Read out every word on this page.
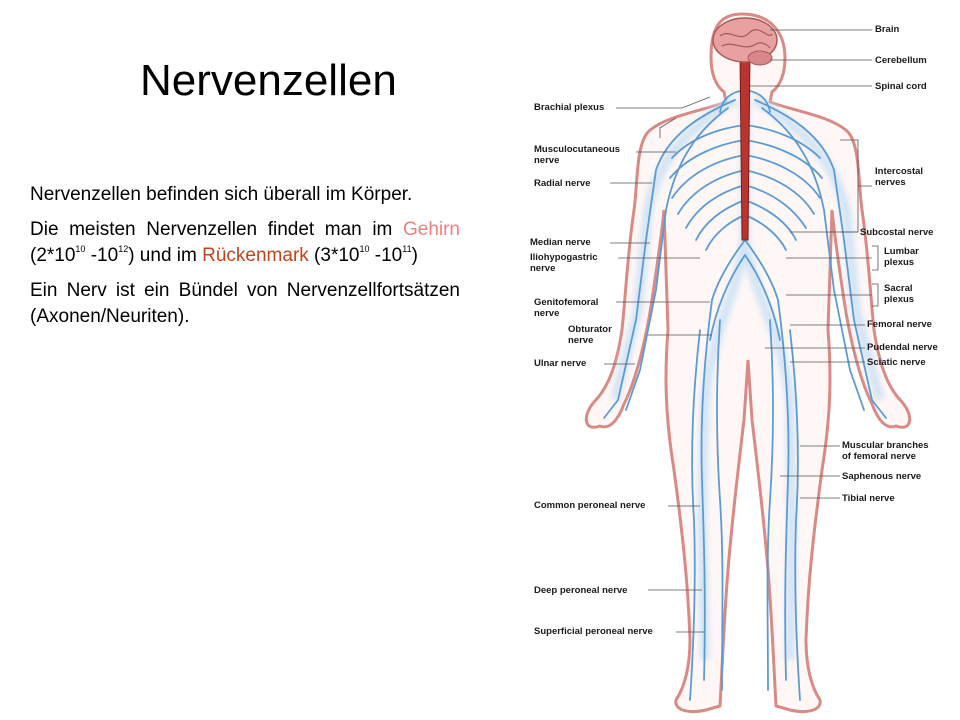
Nervenzellen

Nervenzellen befinden sich überall im Körper.

Die meisten Nervenzellen findet man im Gehirn ($2*10^{10}$ $-10^{12}$) und im Rückenmark ($3*10^{10}$ $-10^{11}$)

Ein Nerv ist ein Bündel von Nervenzellfortsätzen (Axonen/Neuriten).

Brain
Cerebellum
Spinal cord
Intercostal
nerves
Subcostal nerve
Lumbar
plexus
Sacral
plexus
Femoral nerve
Pudendal nerve
Sciatic nerve
Muscular branches
of femoral nerve
Saphenous nerve
Tibial nerve
Brachial plexus
Musculocutaneous
nerve
Radial nerve
Median nerve
Iliohypogastric
nerve
Genitofemoral
nerve
Obturator
nerve
Ulnar nerve
Common peroneal nerve
Deep peroneal nerve
Superficial peroneal nerve
